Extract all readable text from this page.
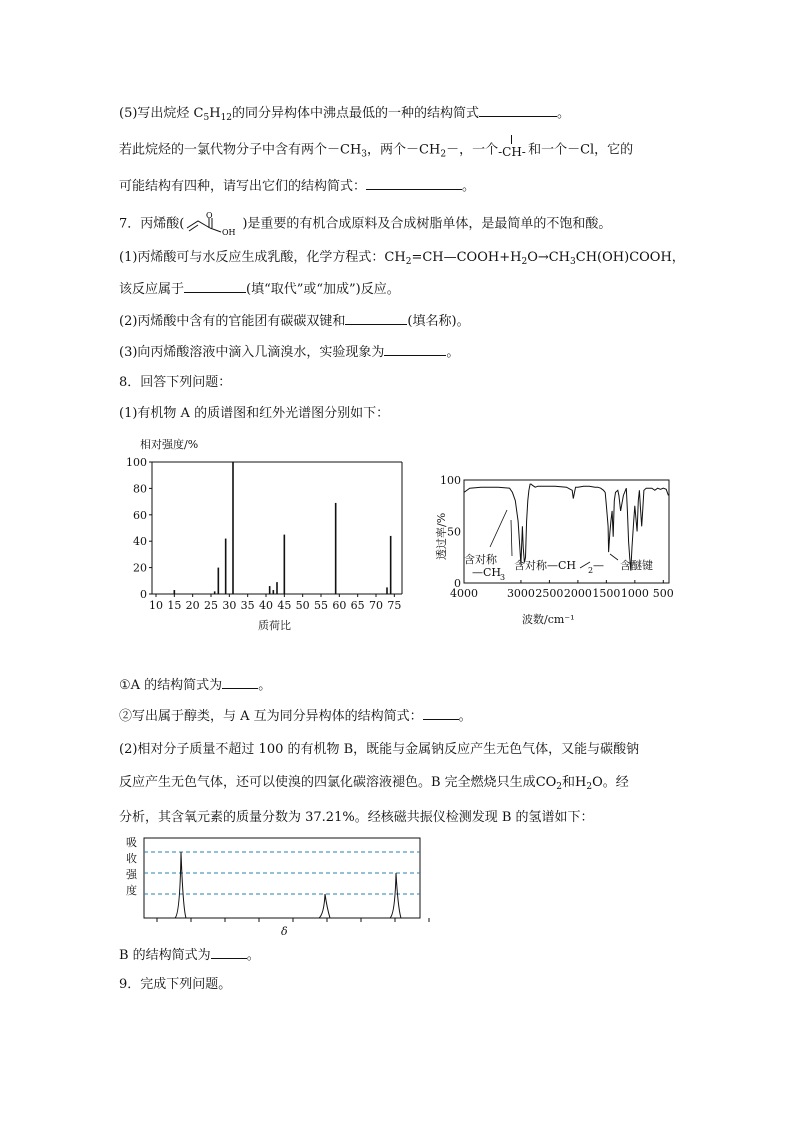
(5)写出烷烃 $C_5H_{12}$的同分异构体中沸点最低的一种的结构简式	。
若此烷烃的一氯代物分子中含有两个$-CH_3$，两个$-CH_2-$，一个 -CH- 和一个－Cl，它的
可能结构有四种，请写出它们的结构简式：	。
7．丙烯酸(
O
OH
)是重要的有机合成原料及合成树脂单体，是最简单的不饱和酸。
(1)丙烯酸可与水反应生成乳酸，化学方程式：$CH_2=CH—COOH+H_2O\to CH_3CH(OH)COOH$，
该反应属于	(填“取代”或“加成”)反应。
(2)丙烯酸中含有的官能团有碳碳双键和	(填名称)。
(3)向丙烯酸溶液中滴入几滴溴水，实验现象为	。
8．回答下列问题：
(1)有机物 A 的质谱图和红外光谱图分别如下：
相对强度/%
0
20
40
60
80
100
10 15 20 25 30 35 40 45 50 55 60 65 70 75
质荷比
透过率/%
0
50
100
4000	3000 2500 2000 1500 1000 500
含对称
—CH
3
含对称—CH 2 — 含醚键
波数/cm⁻¹
①A 的结构简式为	。
②写出属于醇类，与 A 互为同分异构体的结构简式：	。
(2)相对分子质量不超过 100 的有机物 B，既能与金属钠反应产生无色气体，又能与碳酸钠
反应产生无色气体，还可以使溴的四氯化碳溶液褪色。B 完全燃烧只生成$CO_2$和$H_2O$。经
分析，其含氧元素的质量分数为 37.21%。经核磁共振仪检测发现 B 的氢谱如下：
吸
收
强
度
δ
B 的结构简式为	。
9．完成下列问题。
